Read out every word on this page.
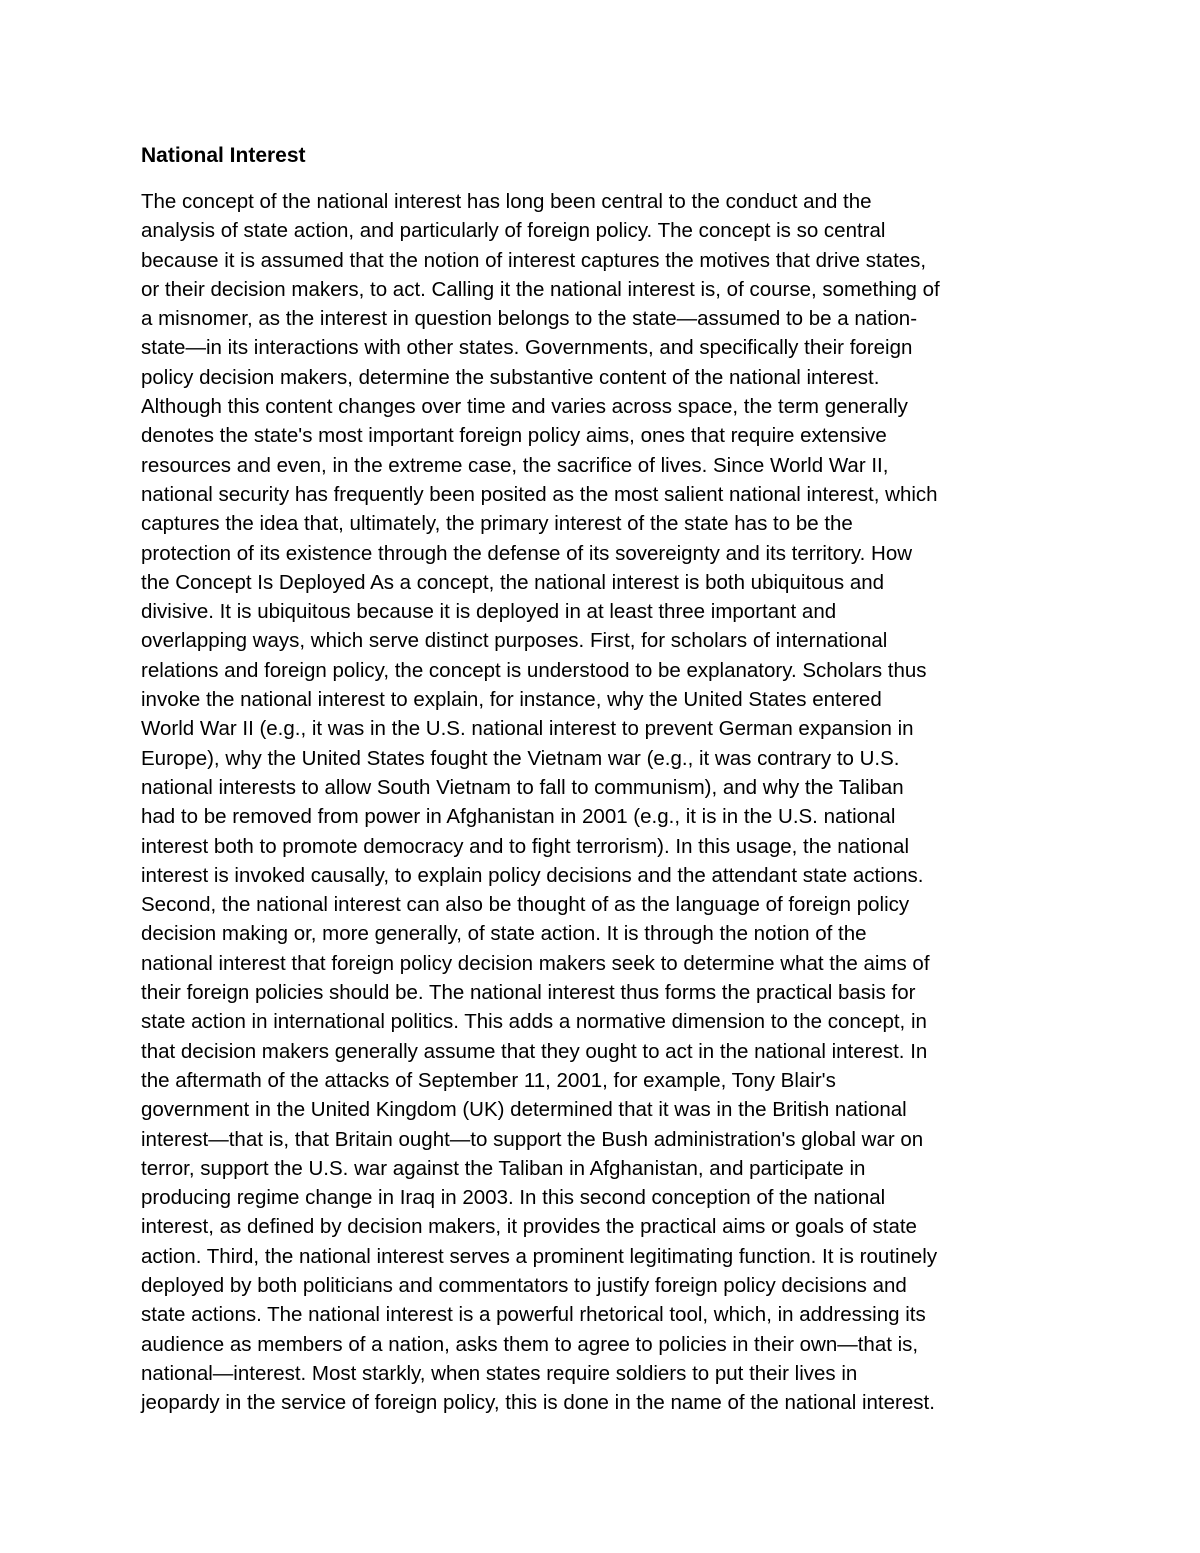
National Interest
The concept of the national interest has long been central to the conduct and the
analysis of state action, and particularly of foreign policy. The concept is so central
because it is assumed that the notion of interest captures the motives that drive states,
or their decision makers, to act. Calling it the national interest is, of course, something of
a misnomer, as the interest in question belongs to the state—assumed to be a nation-
state—in its interactions with other states. Governments, and specifically their foreign
policy decision makers, determine the substantive content of the national interest.
Although this content changes over time and varies across space, the term generally
denotes the state's most important foreign policy aims, ones that require extensive
resources and even, in the extreme case, the sacrifice of lives. Since World War II,
national security has frequently been posited as the most salient national interest, which
captures the idea that, ultimately, the primary interest of the state has to be the
protection of its existence through the defense of its sovereignty and its territory. How
the Concept Is Deployed As a concept, the national interest is both ubiquitous and
divisive. It is ubiquitous because it is deployed in at least three important and
overlapping ways, which serve distinct purposes. First, for scholars of international
relations and foreign policy, the concept is understood to be explanatory. Scholars thus
invoke the national interest to explain, for instance, why the United States entered
World War II (e.g., it was in the U.S. national interest to prevent German expansion in
Europe), why the United States fought the Vietnam war (e.g., it was contrary to U.S.
national interests to allow South Vietnam to fall to communism), and why the Taliban
had to be removed from power in Afghanistan in 2001 (e.g., it is in the U.S. national
interest both to promote democracy and to fight terrorism). In this usage, the national
interest is invoked causally, to explain policy decisions and the attendant state actions.
Second, the national interest can also be thought of as the language of foreign policy
decision making or, more generally, of state action. It is through the notion of the
national interest that foreign policy decision makers seek to determine what the aims of
their foreign policies should be. The national interest thus forms the practical basis for
state action in international politics. This adds a normative dimension to the concept, in
that decision makers generally assume that they ought to act in the national interest. In
the aftermath of the attacks of September 11, 2001, for example, Tony Blair's
government in the United Kingdom (UK) determined that it was in the British national
interest—that is, that Britain ought—to support the Bush administration's global war on
terror, support the U.S. war against the Taliban in Afghanistan, and participate in
producing regime change in Iraq in 2003. In this second conception of the national
interest, as defined by decision makers, it provides the practical aims or goals of state
action. Third, the national interest serves a prominent legitimating function. It is routinely
deployed by both politicians and commentators to justify foreign policy decisions and
state actions. The national interest is a powerful rhetorical tool, which, in addressing its
audience as members of a nation, asks them to agree to policies in their own—that is,
national—interest. Most starkly, when states require soldiers to put their lives in
jeopardy in the service of foreign policy, this is done in the name of the national interest.
